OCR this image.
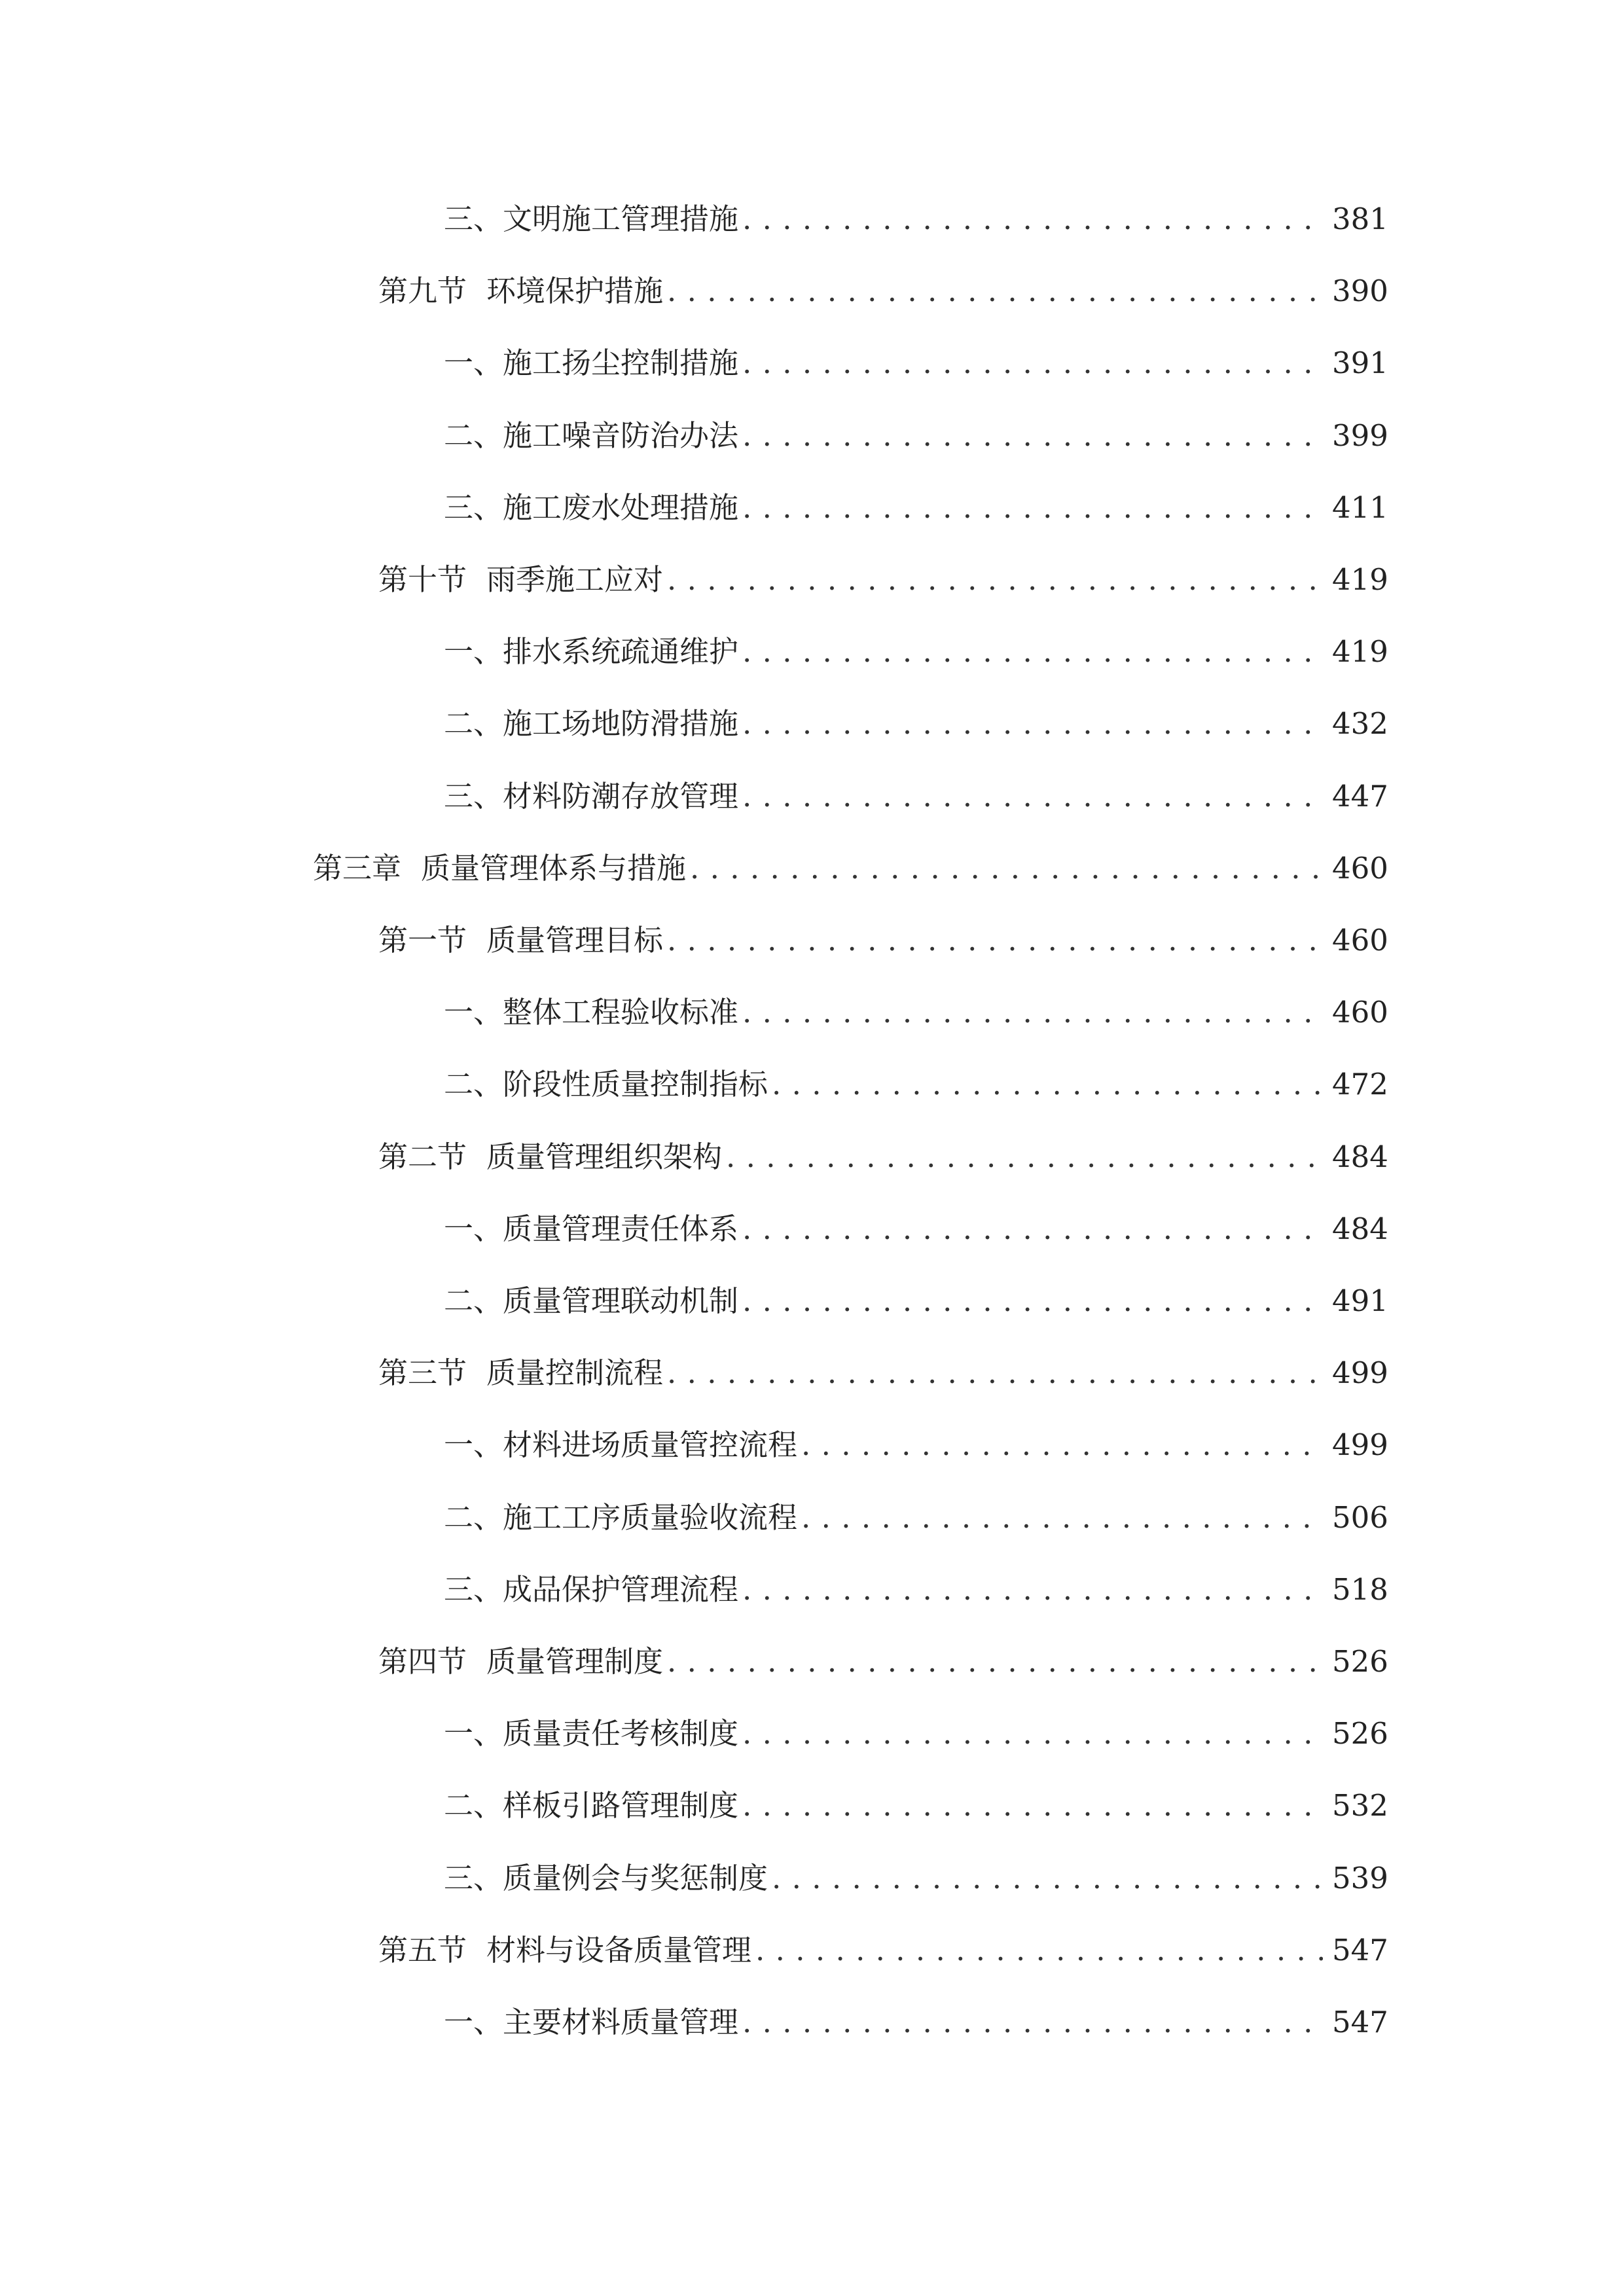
三、 文明施工管理措施 . . .	381
第九节 环境保护措施 . . .	390
一、 施工扬尘控制措施 . . .	391
二、 施工噪音防治办法 . . .	399
三、 施工废水处理措施 . . .	411
第十节 雨季施工应对 . . .	419
一、 排水系统疏通维护 . . .	419
二、 施工场地防滑措施 . . .	432
三、 材料防潮存放管理 . . .	447
第三章 质量管理体系与措施 . . .	460
第一节 质量管理目标 . . .	460
一、 整体工程验收标准 . . .	460
二、 阶段性质量控制指标 . . .	472
第二节 质量管理组织架构 . . .	484
一、 质量管理责任体系 . . .	484
二、 质量管理联动机制 . . .	491
第三节 质量控制流程 . . .	499
一、 材料进场质量管控流程 . . .	499
二、 施工工序质量验收流程 . . .	506
三、 成品保护管理流程 . . .	518
第四节 质量管理制度 . . .	526
一、 质量责任考核制度 . . .	526
二、 样板引路管理制度 . . .	532
三、 质量例会与奖惩制度 . . .	539
第五节 材料与设备质量管理 . . .	547
一、 主要材料质量管理 . . .	547
